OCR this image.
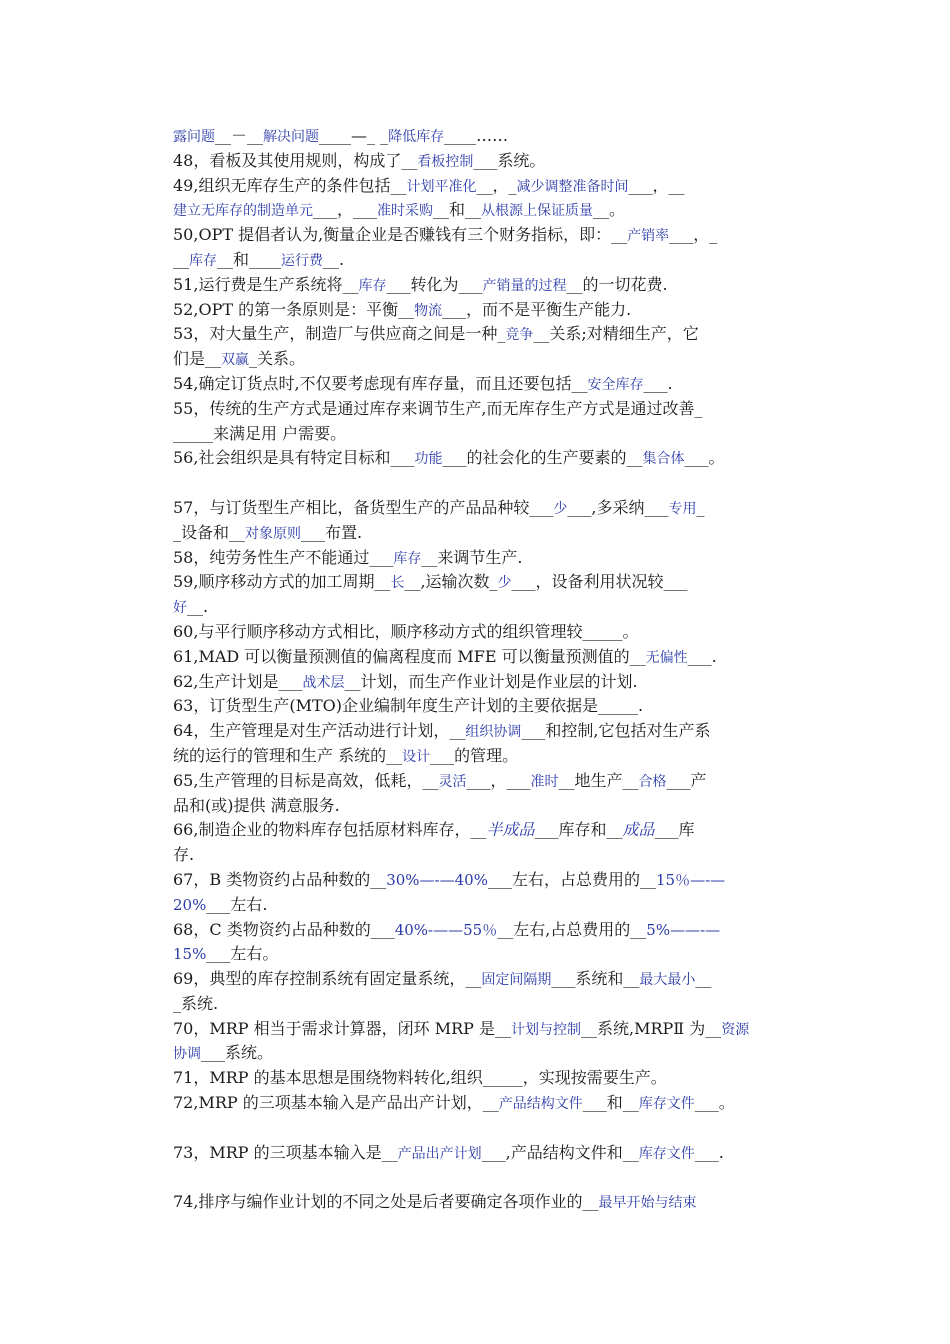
露问题__－__解决问题____—_ _降低库存____……
48，看板及其使用规则，构成了__看板控制___系统。
49,组织无库存生产的条件包括__计划平准化__，_减少调整准备时间___，__
建立无库存的制造单元___，___准时采购__和__从根源上保证质量__。
50,OPT 提倡者认为,衡量企业是否赚钱有三个财务指标，即：__产销率___，_
__库存__和____运行费__.
51,运行费是生产系统将__库存___转化为___产销量的过程__的一切花费.
52,OPT 的第一条原则是：平衡__物流___，而不是平衡生产能力.
53，对大量生产，制造厂与供应商之间是一种_竞争__关系;对精细生产，它
们是__双赢_关系。
54,确定订货点时,不仅要考虑现有库存量，而且还要包括__安全库存___.
55，传统的生产方式是通过库存来调节生产,而无库存生产方式是通过改善_
_____来满足用 户需要。
56,社会组织是具有特定目标和___功能___的社会化的生产要素的__集合体___。
57，与订货型生产相比，备货型生产的产品品种较___少___,多采纳___专用_
_设备和__对象原则___布置.
58，纯劳务性生产不能通过___库存__来调节生产.
59,顺序移动方式的加工周期__长__,运输次数_少___，设备利用状况较___
好__.
60,与平行顺序移动方式相比，顺序移动方式的组织管理较_____。
61,MAD 可以衡量预测值的偏离程度而 MFE 可以衡量预测值的__无偏性___.
62,生产计划是___战术层__计划，而生产作业计划是作业层的计划.
63，订货型生产(MTO)企业编制年度生产计划的主要依据是_____.
64，生产管理是对生产活动进行计划，__组织协调___和控制,它包括对生产系
统的运行的管理和生产 系统的__设计___的管理。
65,生产管理的目标是高效，低耗，__灵活___，___准时__地生产__合格___产
品和(或)提供 满意服务.
66,制造企业的物料库存包括原材料库存，__半成品___库存和__成品___库
存.
67，B 类物资约占品种数的__30%—-—40%___左右，占总费用的__15％—-—
20%___左右.
68，C 类物资约占品种数的___40%-——55％__左右,占总费用的__5%——-—
15%___左右。
69，典型的库存控制系统有固定量系统，__固定间隔期___系统和__最大最小__
_系统.
70，MRP 相当于需求计算器，闭环 MRP 是__计划与控制__系统,MRPⅡ 为__资源
协调___系统。
71，MRP 的基本思想是围绕物料转化,组织_____，实现按需要生产。
72,MRP 的三项基本输入是产品出产计划，__产品结构文件___和__库存文件___。
73，MRP 的三项基本输入是__产品出产计划___,产品结构文件和__库存文件___.
74,排序与编作业计划的不同之处是后者要确定各项作业的__最早开始与结束
